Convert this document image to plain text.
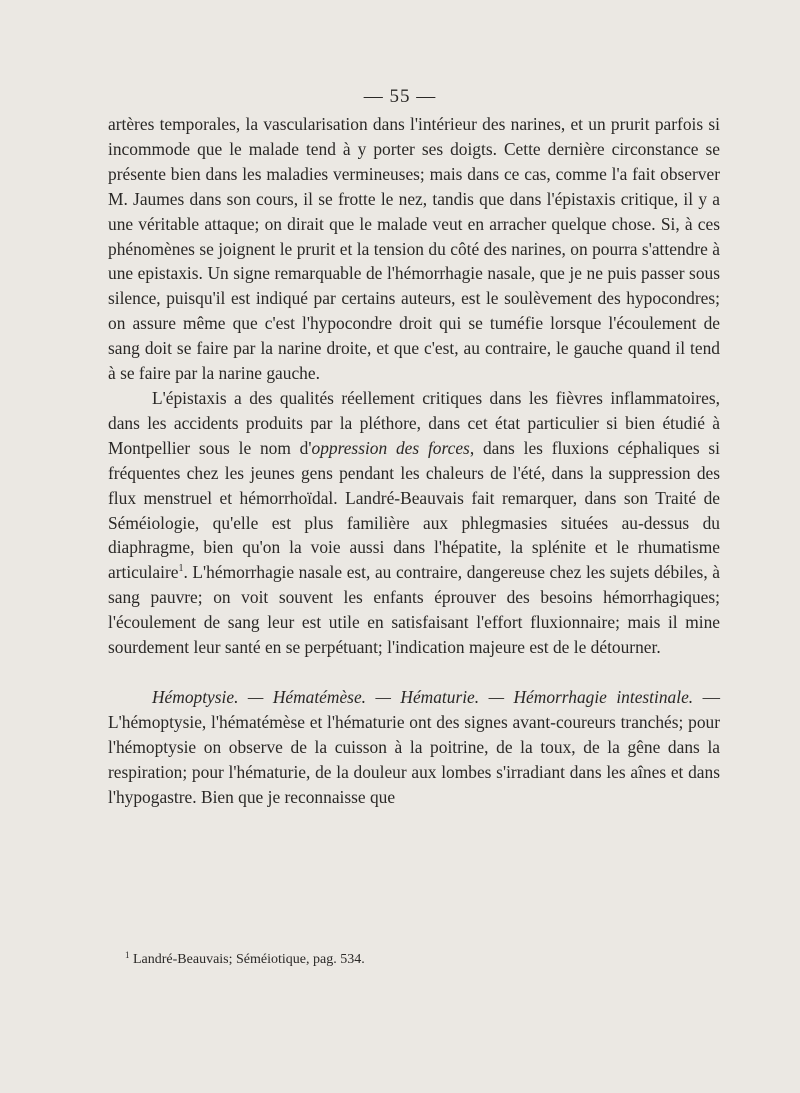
— 55 —

artères temporales, la vascularisation dans l'intérieur des narines, et un prurit parfois si incommode que le malade tend à y porter ses doigts. Cette dernière circonstance se présente bien dans les maladies vermineuses; mais dans ce cas, comme l'a fait observer M. Jaumes dans son cours, il se frotte le nez, tandis que dans l'épistaxis critique, il y a une véritable attaque; on dirait que le malade veut en arracher quelque chose. Si, à ces phénomènes se joignent le prurit et la tension du côté des narines, on pourra s'attendre à une epistaxis. Un signe remarquable de l'hémorrhagie nasale, que je ne puis passer sous silence, puisqu'il est indiqué par certains auteurs, est le soulèvement des hypocondres; on assure même que c'est l'hypocondre droit qui se tuméfie lorsque l'écoulement de sang doit se faire par la narine droite, et que c'est, au contraire, le gauche quand il tend à se faire par la narine gauche.

L'épistaxis a des qualités réellement critiques dans les fièvres inflammatoires, dans les accidents produits par la pléthore, dans cet état particulier si bien étudié à Montpellier sous le nom d'oppression des forces, dans les fluxions céphaliques si fréquentes chez les jeunes gens pendant les chaleurs de l'été, dans la suppression des flux menstruel et hémorrhoïdal. Landré-Beauvais fait remarquer, dans son Traité de Séméiologie, qu'elle est plus familière aux phlegmasies situées au-dessus du diaphragme, bien qu'on la voie aussi dans l'hépatite, la splénite et le rhumatisme articulaire$^1$. L'hémorrhagie nasale est, au contraire, dangereuse chez les sujets débiles, à sang pauvre; on voit souvent les enfants éprouver des besoins hémorrhagiques; l'écoulement de sang leur est utile en satisfaisant l'effort fluxionnaire; mais il mine sourdement leur santé en se perpétuant; l'indication majeure est de le détourner.

Hémoptysie. — Hématémèse. — Hématurie. — Hémorrhagie intestinale. — L'hémoptysie, l'hématémèse et l'hématurie ont des signes avant-coureurs tranchés; pour l'hémoptysie on observe de la cuisson à la poitrine, de la toux, de la gêne dans la respiration; pour l'hématurie, de la douleur aux lombes s'irradiant dans les aînes et dans l'hypogastre. Bien que je reconnaisse que

$^1$ Landré-Beauvais; Séméiotique, pag. 534.
